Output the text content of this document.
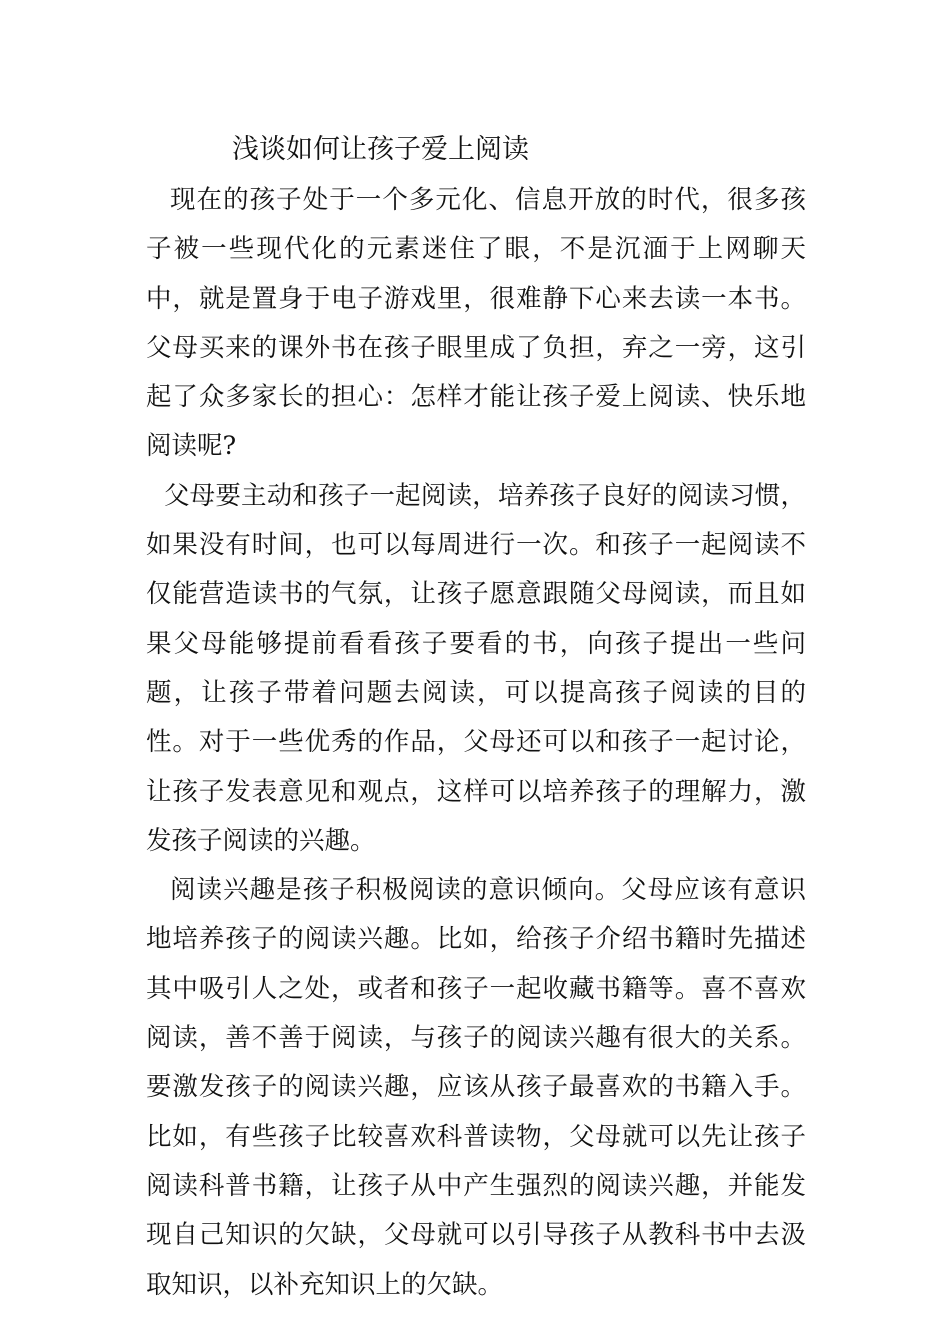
浅谈如何让孩子爱上阅读

现在的孩子处于一个多元化、信息开放的时代，很多孩子被一些现代化的元素迷住了眼，不是沉湎于上网聊天中，就是置身于电子游戏里，很难静下心来去读一本书。父母买来的课外书在孩子眼里成了负担，弃之一旁，这引起了众多家长的担心：怎样才能让孩子爱上阅读、快乐地阅读呢?

父母要主动和孩子一起阅读，培养孩子良好的阅读习惯，如果没有时间，也可以每周进行一次。和孩子一起阅读不仅能营造读书的气氛，让孩子愿意跟随父母阅读，而且如果父母能够提前看看孩子要看的书，向孩子提出一些问题，让孩子带着问题去阅读，可以提高孩子阅读的目的性。对于一些优秀的作品，父母还可以和孩子一起讨论，让孩子发表意见和观点，这样可以培养孩子的理解力，激发孩子阅读的兴趣。

阅读兴趣是孩子积极阅读的意识倾向。父母应该有意识地培养孩子的阅读兴趣。比如，给孩子介绍书籍时先描述其中吸引人之处，或者和孩子一起收藏书籍等。喜不喜欢阅读，善不善于阅读，与孩子的阅读兴趣有很大的关系。要激发孩子的阅读兴趣，应该从孩子最喜欢的书籍入手。比如，有些孩子比较喜欢科普读物，父母就可以先让孩子阅读科普书籍，让孩子从中产生强烈的阅读兴趣，并能发现自己知识的欠缺，父母就可以引导孩子从教科书中去汲取知识，以补充知识上的欠缺。
